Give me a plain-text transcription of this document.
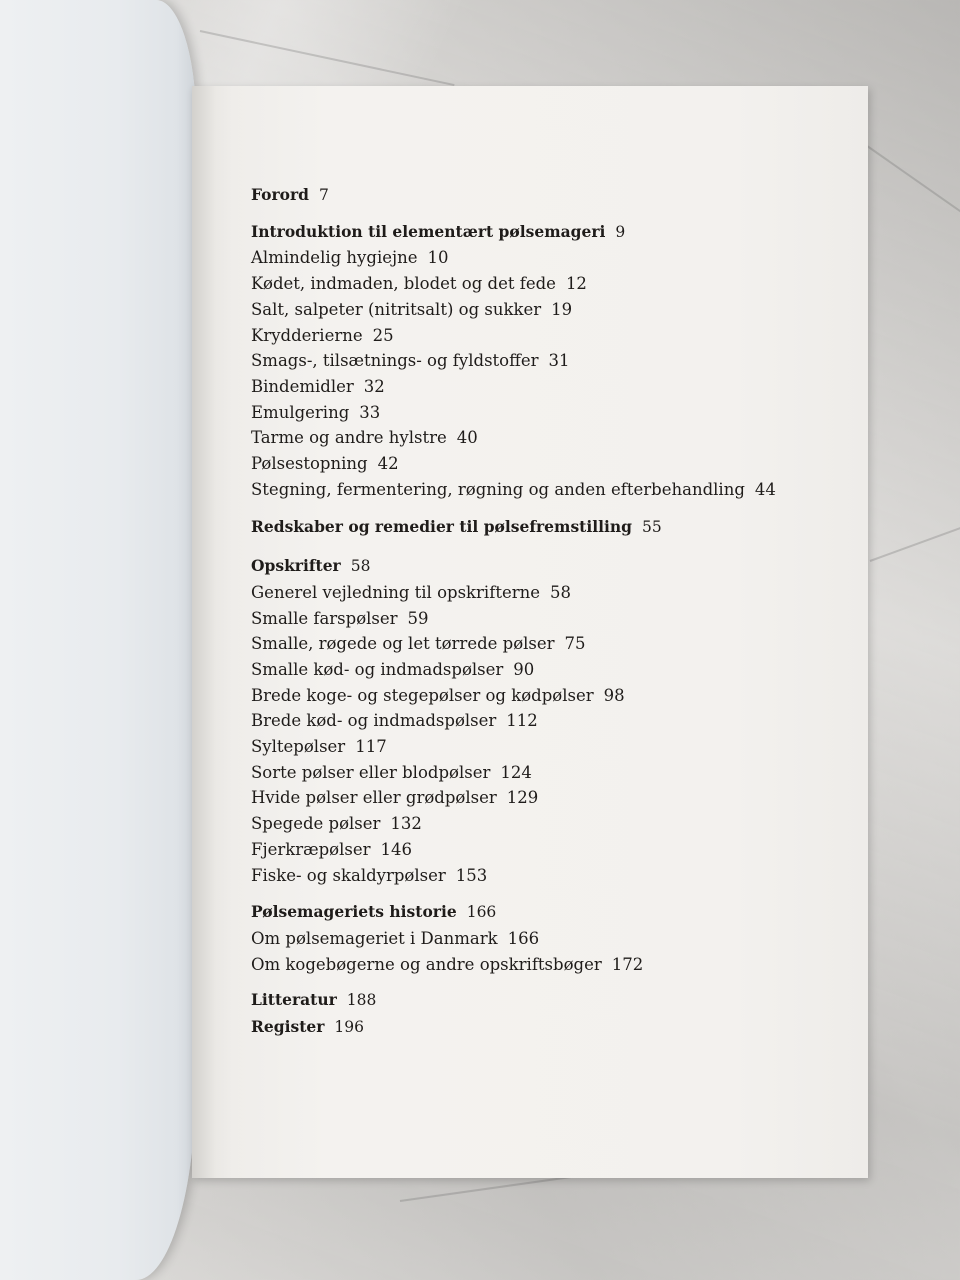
Forord 7
Introduktion til elementært pølsemageri 9
Almindelig hygiejne 10
Kødet, indmaden, blodet og det fede 12
Salt, salpeter (nitritsalt) og sukker 19
Krydderierne 25
Smags-, tilsætnings- og fyldstoffer 31
Bindemidler 32
Emulgering 33
Tarme og andre hylstre 40
Pølsestopning 42
Stegning, fermentering, røgning og anden efterbehandling 44
Redskaber og remedier til pølsefremstilling 55
Opskrifter 58
Generel vejledning til opskrifterne 58
Smalle farspølser 59
Smalle, røgede og let tørrede pølser 75
Smalle kød- og indmadspølser 90
Brede koge- og stegepølser og kødpølser 98
Brede kød- og indmadspølser 112
Syltepølser 117
Sorte pølser eller blodpølser 124
Hvide pølser eller grødpølser 129
Spegede pølser 132
Fjerkræpølser 146
Fiske- og skaldyrpølser 153
Pølsemageriets historie 166
Om pølsemageriet i Danmark 166
Om kogebøgerne og andre opskriftsbøger 172
Litteratur 188
Register 196
